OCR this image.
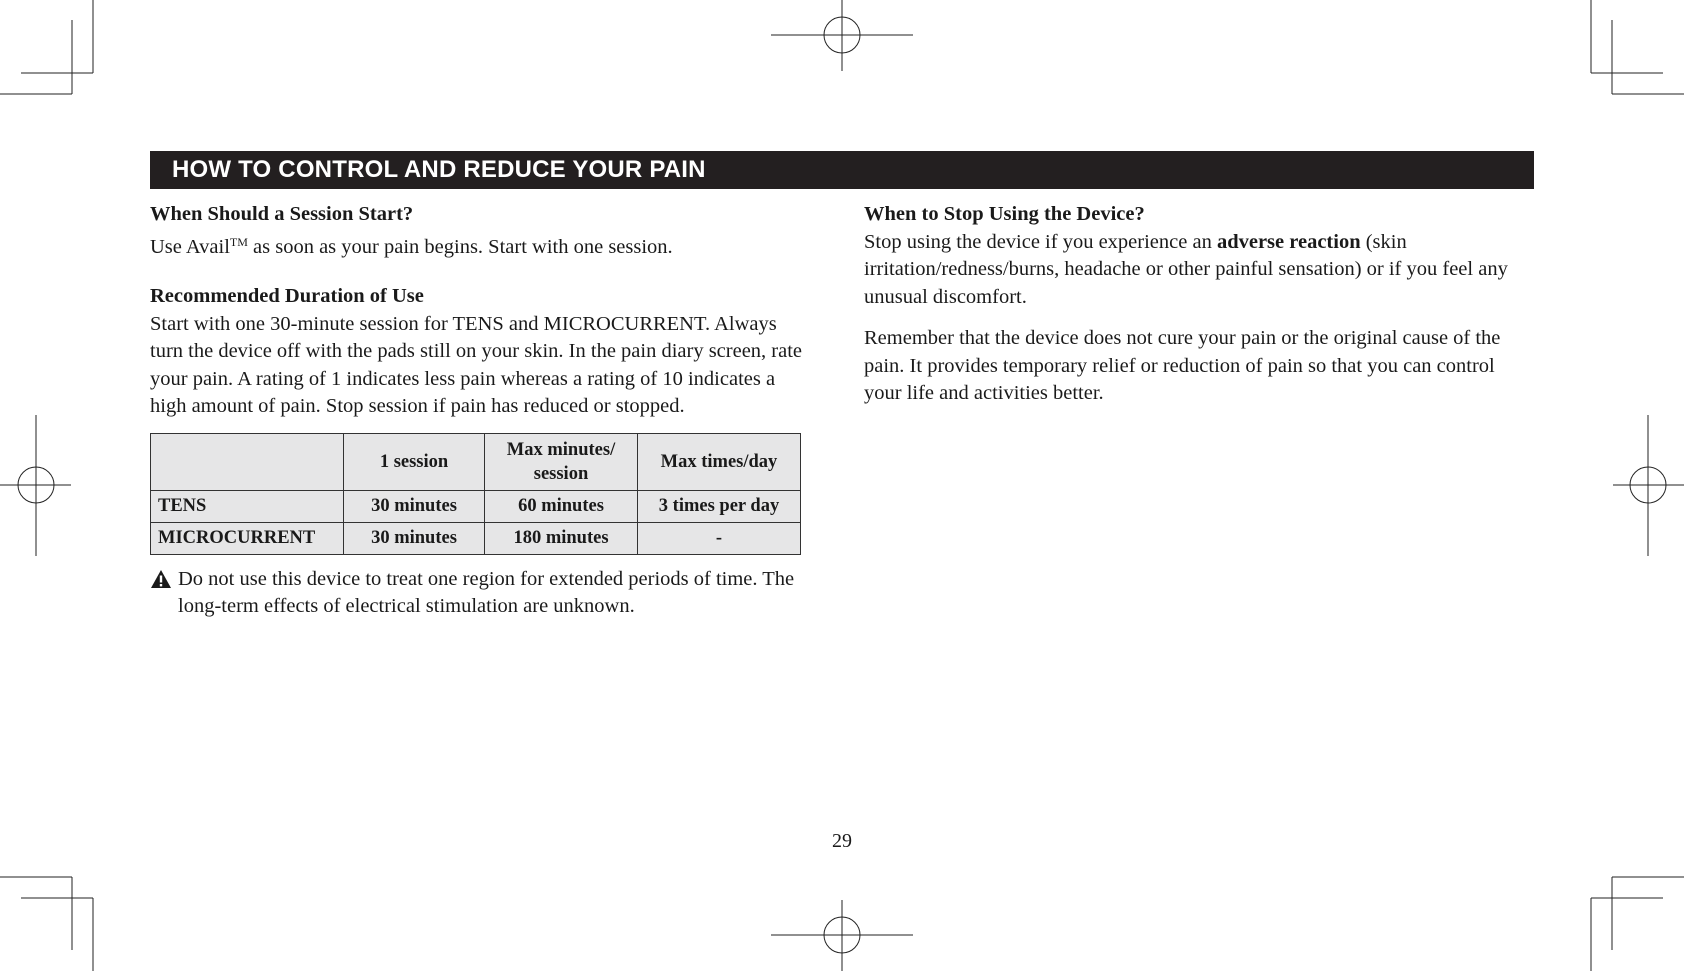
HOW TO CONTROL AND REDUCE YOUR PAIN

When Should a Session Start?

Use Avail™ as soon as your pain begins. Start with one session.

Recommended Duration of Use

Start with one 30-minute session for TENS and MICROCURRENT. Always turn the device off with the pads still on your skin. In the pain diary screen, rate your pain. A rating of 1 indicates less pain whereas a rating of 10 indicates a high amount of pain. Stop session if pain has reduced or stopped.

	1 session	Max minutes/ session	Max times/day
TENS	30 minutes	60 minutes	3 times per day
MICROCURRENT	30 minutes	180 minutes	-
Do not use this device to treat one region for extended periods of time. The long-term effects of electrical stimulation are unknown.

When to Stop Using the Device?

Stop using the device if you experience an adverse reaction (skin irritation/redness/burns, headache or other painful sensation) or if you feel any unusual discomfort.

Remember that the device does not cure your pain or the original cause of the pain. It provides temporary relief or reduction of pain so that you can control your life and activities better.

29
